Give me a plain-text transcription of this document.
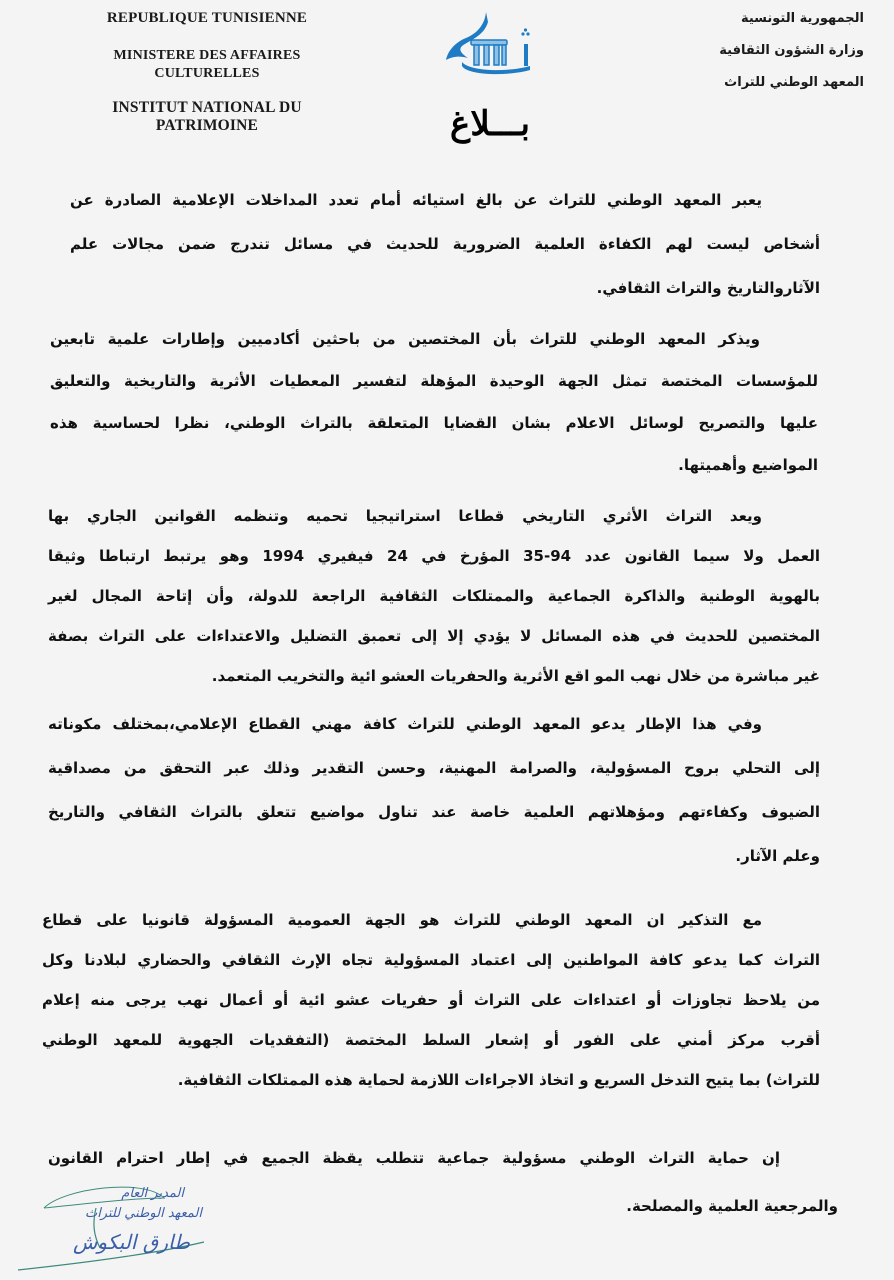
REPUBLIQUE TUNISIENNE
MINISTERE DES AFFAIRES
CULTURELLES
INSTITUT NATIONAL DU
PATRIMOINE
الجمهورية التونسية
وزارة الشؤون الثقافية
المعهد الوطني للتراث
بـــلاغ
يعبر المعهد الوطني للتراث عن بالغ استيائه أمام تعدد المداخلات الإعلامية الصادرة عن
أشخاص ليست لهم الكفاءة العلمية الضرورية للحديث في مسائل تندرج ضمن مجالات علم
الآثاروالتاريخ والتراث الثقافي.
ويذكر المعهد الوطني للتراث بأن المختصين من باحثين أكادميين وإطارات علمية تابعين
للمؤسسات المختصة تمثل الجهة الوحيدة المؤهلة لتفسير المعطيات الأثرية والتاريخية والتعليق
عليها والتصريح لوسائل الاعلام بشان القضايا المتعلقة بالتراث الوطني، نظرا لحساسية هذه
المواضيع وأهميتها.
ويعد التراث الأثري التاريخي قطاعا استراتيجيا تحميه وتنظمه القوانين الجاري بها
العمل ولا سيما القانون عدد 94-35 المؤرخ في 24 فيفيري 1994 وهو يرتبط ارتباطا وثيقا
بالهوية الوطنية والذاكرة الجماعية والممتلكات الثقافية الراجعة للدولة، وأن إتاحة المجال لغير
المختصين للحديث في هذه المسائل لا يؤدي إلا إلى تعمبق التضليل والاعتداءات على التراث بصفة
غير مباشرة من خلال نهب المو اقع الأثرية والحفريات العشو ائية والتخريب المتعمد.
وفي هذا الإطار يدعو المعهد الوطني للتراث كافة مهني القطاع الإعلامي،بمختلف مكوناته
إلى التحلي بروح المسؤولية، والصرامة المهنية، وحسن التقدير وذلك عبر التحقق من مصداقية
الضيوف وكفاءتهم ومؤهلاتهم العلمية خاصة عند تناول مواضيع تتعلق بالتراث الثقافي والتاريخ
وعلم الآثار.
مع التذكير ان المعهد الوطني للتراث هو الجهة العمومية المسؤولة قانونيا على قطاع
التراث كما يدعو كافة المواطنين إلى اعتماد المسؤولية تجاه الإرث الثقافي والحضاري لبلادنا وكل
من يلاحظ تجاوزات أو اعتداءات على التراث أو حفريات عشو ائية أو أعمال نهب يرجى منه إعلام
أقرب مركز أمني على الفور أو إشعار السلط المختصة (التفقديات الجهوية للمعهد الوطني
للتراث) بما يتيح التدخل السريع و اتخاذ الاجراءات اللازمة لحماية هذه الممتلكات الثقافية.
إن حماية التراث الوطني مسؤولية جماعية تتطلب يقظة الجميع في إطار احترام القانون
والمرجعية العلمية والمصلحة.
المدير العام
المعهد الوطني للتراث
طارق البكوش
